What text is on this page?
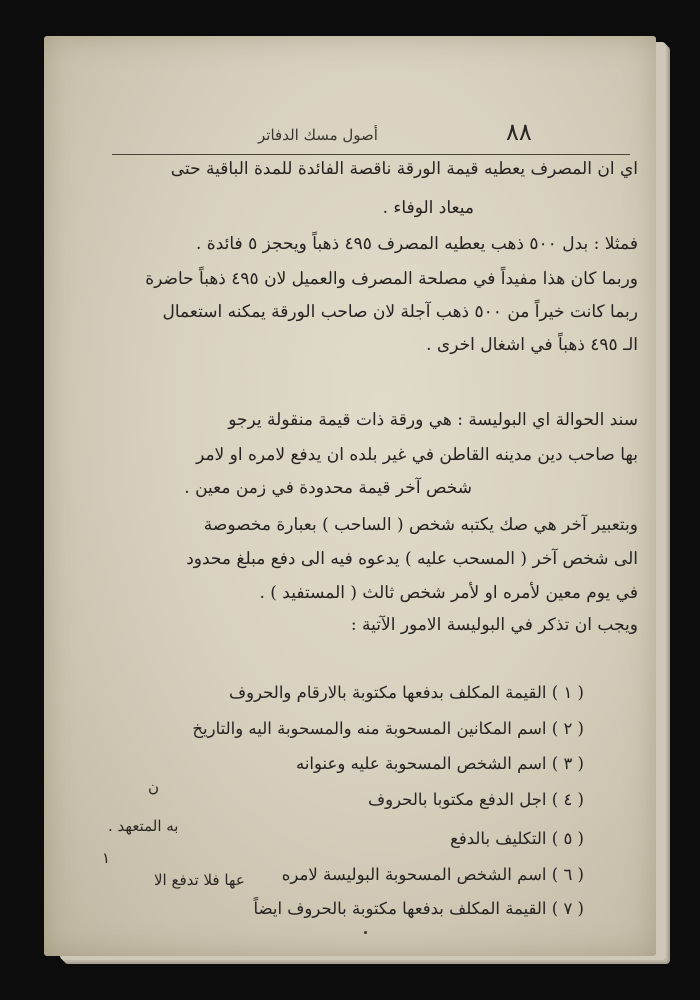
٨٨
أصول مسك الدفاتر
اي ان المصرف يعطيه قيمة الورقة ناقصة الفائدة للمدة الباقية حتى
ميعاد الوفاء .
فمثلا : بدل ٥٠٠ ذهب يعطيه المصرف ٤٩٥ ذهباً ويحجز ٥ فائدة .
وربما كان هذا مفيداً في مصلحة المصرف والعميل لان ٤٩٥ ذهباً حاضرة
ربما كانت خيراً من ٥٠٠ ذهب آجلة لان صاحب الورقة يمكنه استعمال
الـ ٤٩٥ ذهباً في اشغال اخرى .
سند الحوالة اي البوليسة : هي ورقة ذات قيمة منقولة يرجو
بها صاحب دين مدينه القاطن في غير بلده ان يدفع لامره او لامر
شخص آخر قيمة محدودة في زمن معين .
وبتعبير آخر هي صك يكتبه شخص ( الساحب ) بعبارة مخصوصة
الى شخص آخر ( المسحب عليه ) يدعوه فيه الى دفع مبلغ محدود
في يوم معين لأمره او لأمر شخص ثالث ( المستفيد ) .
ويجب ان تذكر في البوليسة الامور الآتية :
( ١ ) القيمة المكلف بدفعها مكتوبة بالارقام والحروف
( ٢ ) اسم المكانين المسحوبة منه والمسحوبة اليه والتاريخ
( ٣ ) اسم الشخص المسحوبة عليه وعنوانه
( ٤ ) اجل الدفع مكتوبا بالحروف
( ٥ ) التكليف بالدفع
( ٦ ) اسم الشخص المسحوبة البوليسة لامره
( ٧ ) القيمة المكلف بدفعها مكتوبة بالحروف ايضاً
ن
به المتعهد .
١
عها فلا تدفع الا
